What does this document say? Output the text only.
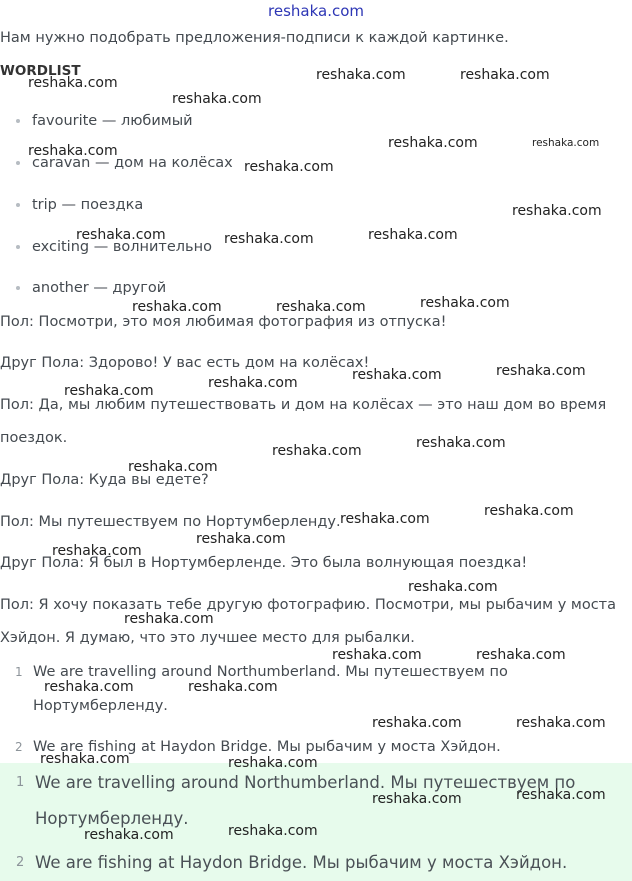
reshaka.com
Нам нужно подобрать предложения-подписи к каждой картинке.
WORDLIST
favourite — любимый
caravan — дом на колёсах
trip — поездка
exciting — волнительно
another — другой
Пол: Посмотри, это моя любимая фотография из отпуска!
Друг Пола: Здорово! У вас есть дом на колёсах!
Пол: Да, мы любим путешествовать и дом на колёсах — это наш дом во время
поездок.
Друг Пола: Куда вы едете?
Пол: Мы путешествуем по Нортумберленду.
Друг Пола: Я был в Нортумберленде. Это была волнующая поездка!
Пол: Я хочу показать тебе другую фотографию. Посмотри, мы рыбачим у моста
Хэйдон. Я думаю, что это лучшее место для рыбалки.
1 We are travelling around Northumberland. Мы путешествуем по Нортумберленду.
2 We are fishing at Haydon Bridge. Мы рыбачим у моста Хэйдон.
1 We are travelling around Northumberland. Мы путешествуем по Нортумберленду.
2 We are fishing at Haydon Bridge. Мы рыбачим у моста Хэйдон.
reshaka.com	reshaka.com	reshaka.com
reshaka.com
reshaka.com	reshaka.com
reshaka.com
reshaka.com
reshaka.com
reshaka.com	reshaka.com
reshaka.com
reshaka.com
reshaka.com	reshaka.com
reshaka.com
reshaka.com
reshaka.com
reshaka.com
reshaka.com
reshaka.com
reshaka.com
reshaka.com
reshaka.com
reshaka.com
reshaka.com
reshaka.com
reshaka.com
reshaka.com	reshaka.com
reshaka.com	reshaka.com
reshaka.com	reshaka.com
reshaka.com	reshaka.com
reshaka.com
reshaka.com
reshaka.com
reshaka.com
